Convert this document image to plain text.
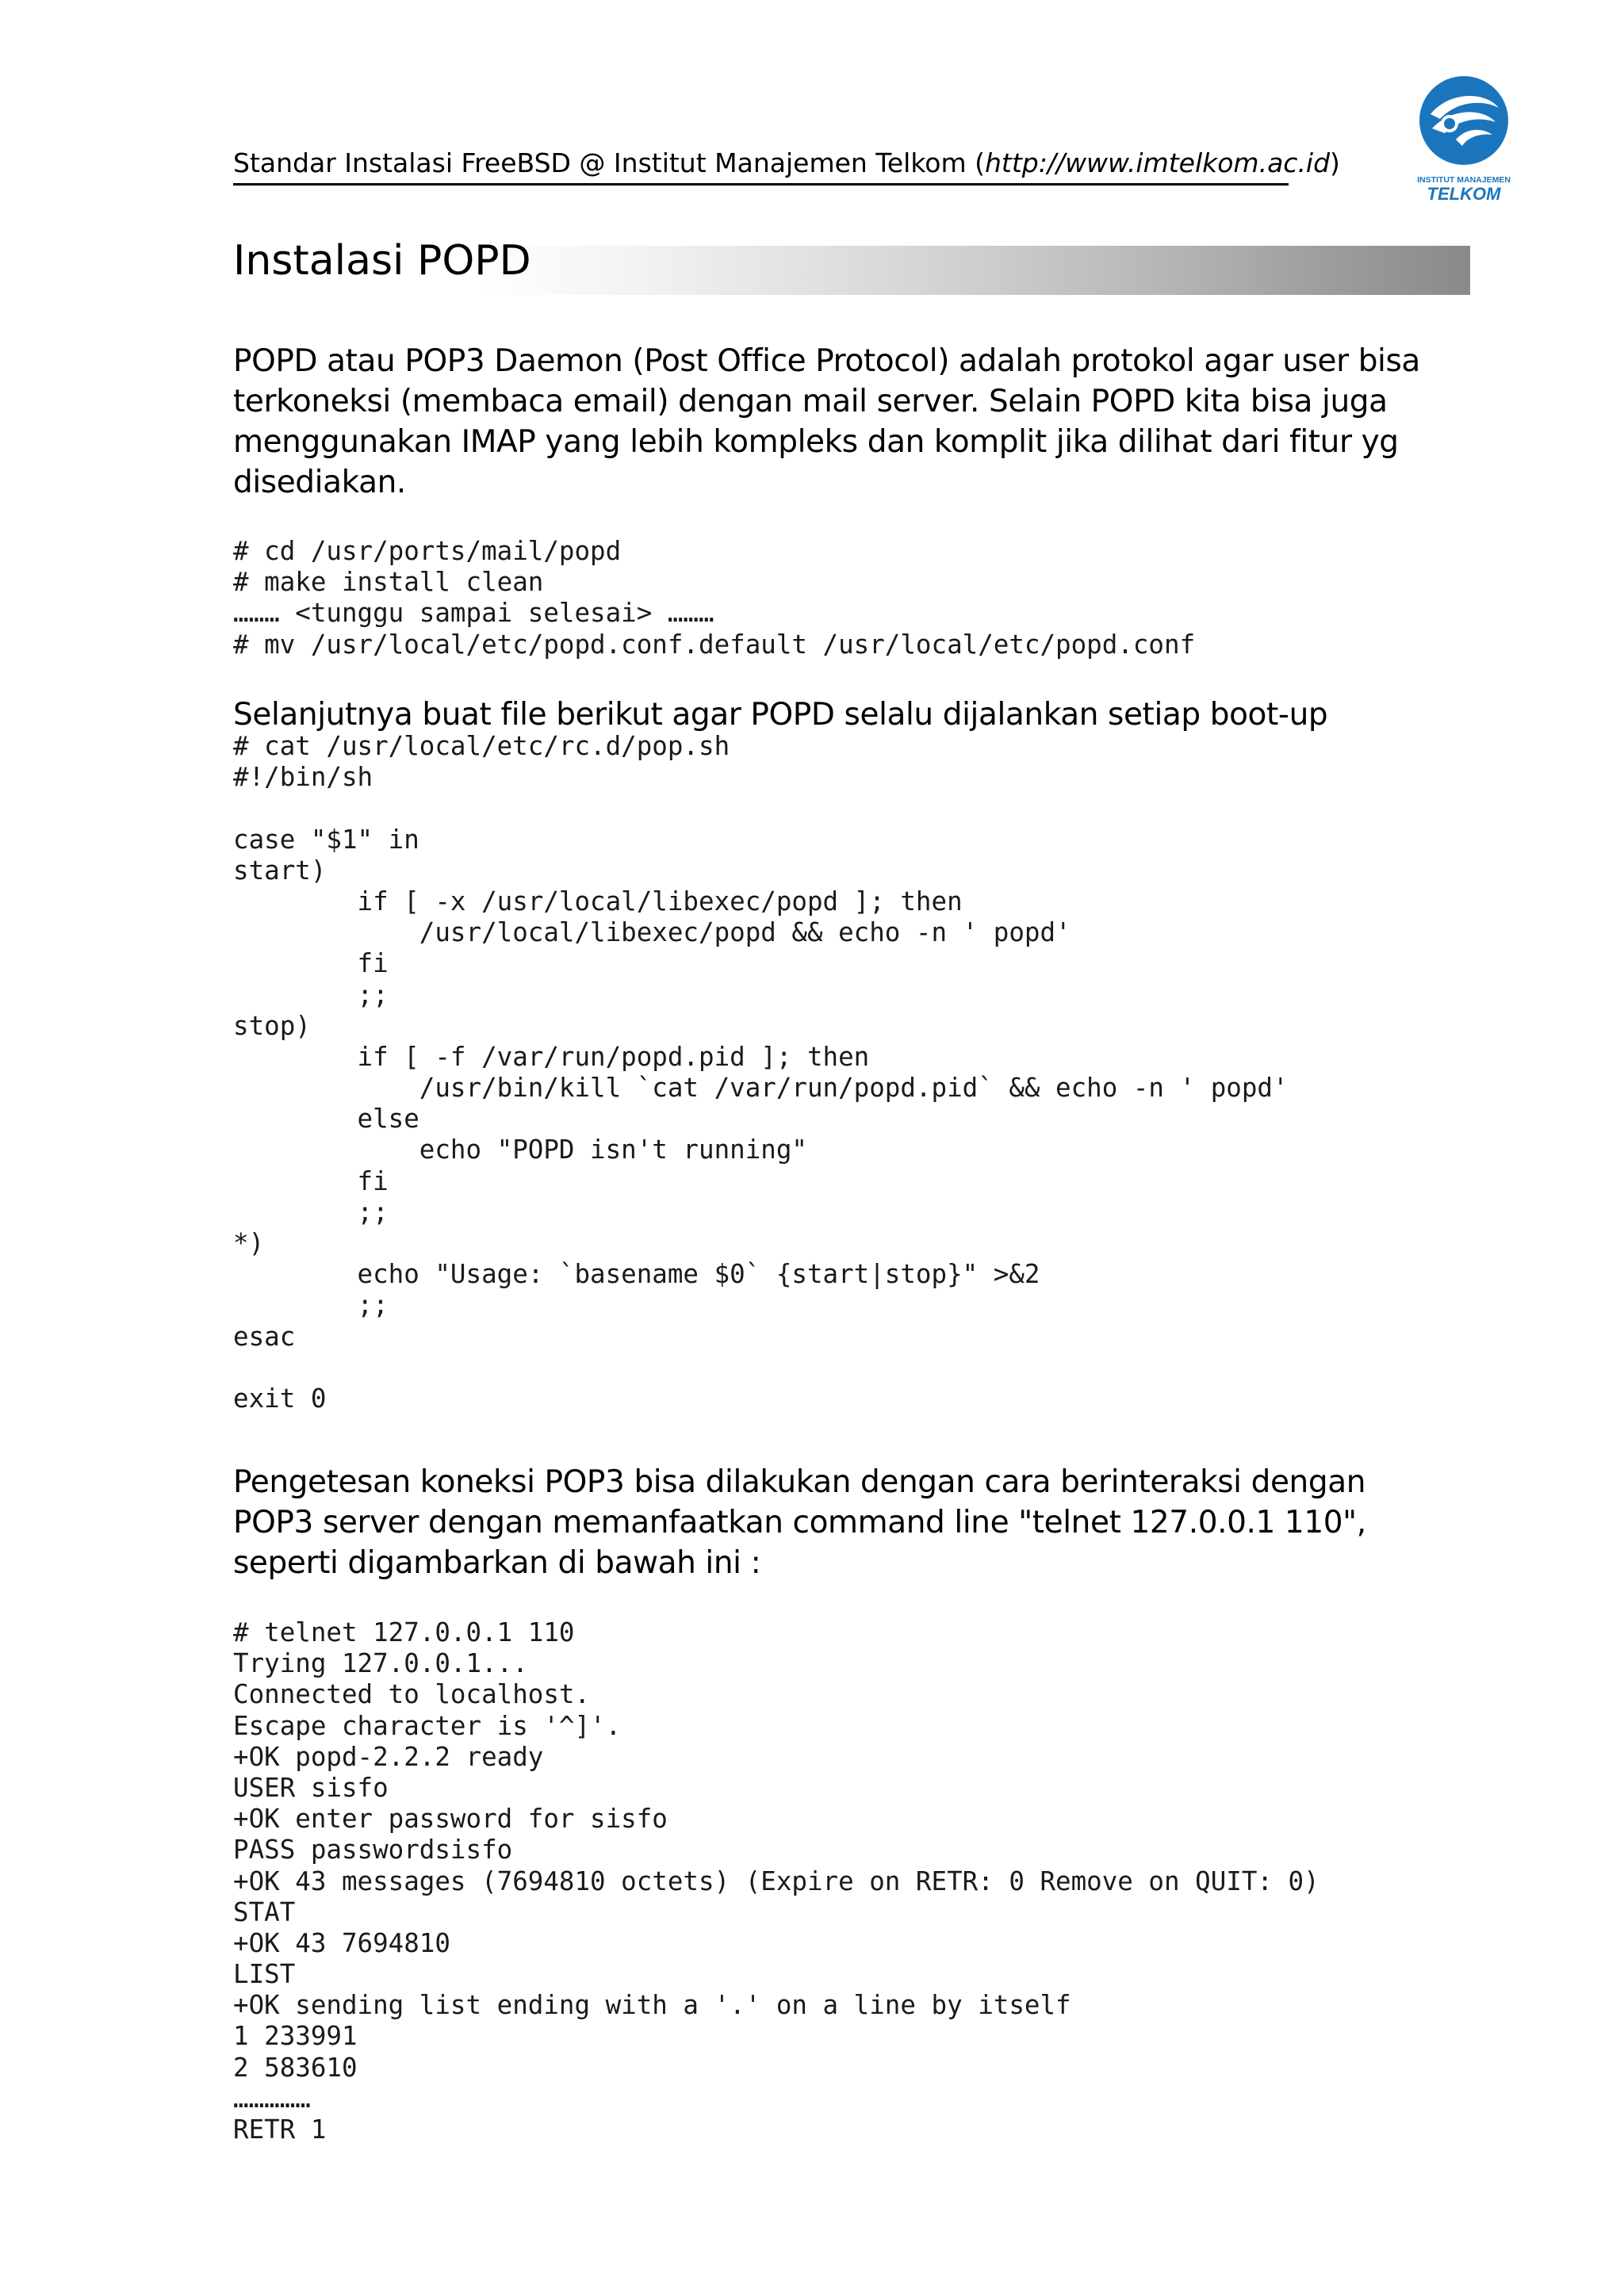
Standar Instalasi FreeBSD @ Institut Manajemen Telkom (http://www.imtelkom.ac.id)
INSTITUT MANAJEMEN
TELKOM
Instalasi POPD

POPD atau POP3 Daemon (Post Office Protocol) adalah protokol agar user bisa terkoneksi (membaca email) dengan mail server. Selain POPD kita bisa juga menggunakan IMAP yang lebih kompleks dan komplit jika dilihat dari fitur yg disediakan.

# cd /usr/ports/mail/popd
# make install clean
……… <tunggu sampai selesai> ………
# mv /usr/local/etc/popd.conf.default /usr/local/etc/popd.conf

Selanjutnya buat file berikut agar POPD selalu dijalankan setiap boot-up

# cat /usr/local/etc/rc.d/pop.sh
#!/bin/sh
case "$1" in
start)
if [ -x /usr/local/libexec/popd ]; then
/usr/local/libexec/popd && echo -n ' popd'
fi
;;
stop)
if [ -f /var/run/popd.pid ]; then
/usr/bin/kill `cat /var/run/popd.pid` && echo -n ' popd'
else
echo "POPD isn't running"
fi
;;
*)
echo "Usage: `basename $0` {start|stop}" >&2
;;
esac
exit 0

Pengetesan koneksi POP3 bisa dilakukan dengan cara berinteraksi dengan POP3 server dengan memanfaatkan command line "telnet 127.0.0.1 110", seperti digambarkan di bawah ini :

# telnet 127.0.0.1 110
Trying 127.0.0.1...
Connected to localhost.
Escape character is '^]'.
+OK popd-2.2.2 ready
USER sisfo
+OK enter password for sisfo
PASS passwordsisfo
+OK 43 messages (7694810 octets) (Expire on RETR: 0 Remove on QUIT: 0)
STAT
+OK 43 7694810
LIST
+OK sending list ending with a '.' on a line by itself
1 233991
2 583610
……………
RETR 1
